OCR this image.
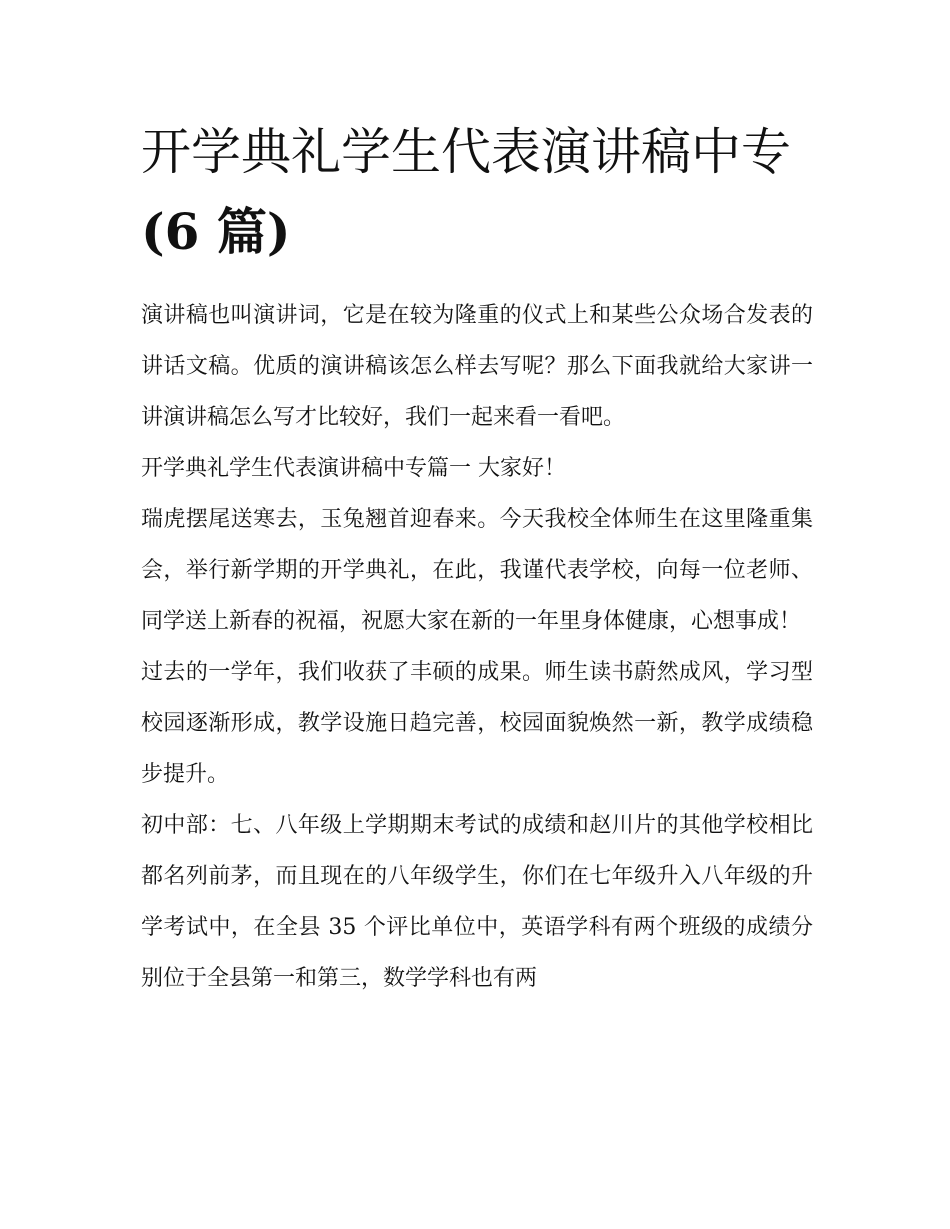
开学典礼学生代表演讲稿中专
(6 篇)

演讲稿也叫演讲词，它是在较为隆重的仪式上和某些公众场合发表的讲话文稿。优质的演讲稿该怎么样去写呢？那么下面我就给大家讲一讲演讲稿怎么写才比较好，我们一起来看一看吧。

开学典礼学生代表演讲稿中专篇一 大家好！

瑞虎摆尾送寒去，玉兔翘首迎春来。今天我校全体师生在这里隆重集会，举行新学期的开学典礼，在此，我谨代表学校，向每一位老师、同学送上新春的祝福，祝愿大家在新的一年里身体健康，心想事成！

过去的一学年，我们收获了丰硕的成果。师生读书蔚然成风，学习型校园逐渐形成，教学设施日趋完善，校园面貌焕然一新，教学成绩稳步提升。

初中部：七、八年级上学期期末考试的成绩和赵川片的其他学校相比都名列前茅，而且现在的八年级学生，你们在七年级升入八年级的升学考试中，在全县 35 个评比单位中，英语学科有两个班级的成绩分别位于全县第一和第三，数学学科也有两
